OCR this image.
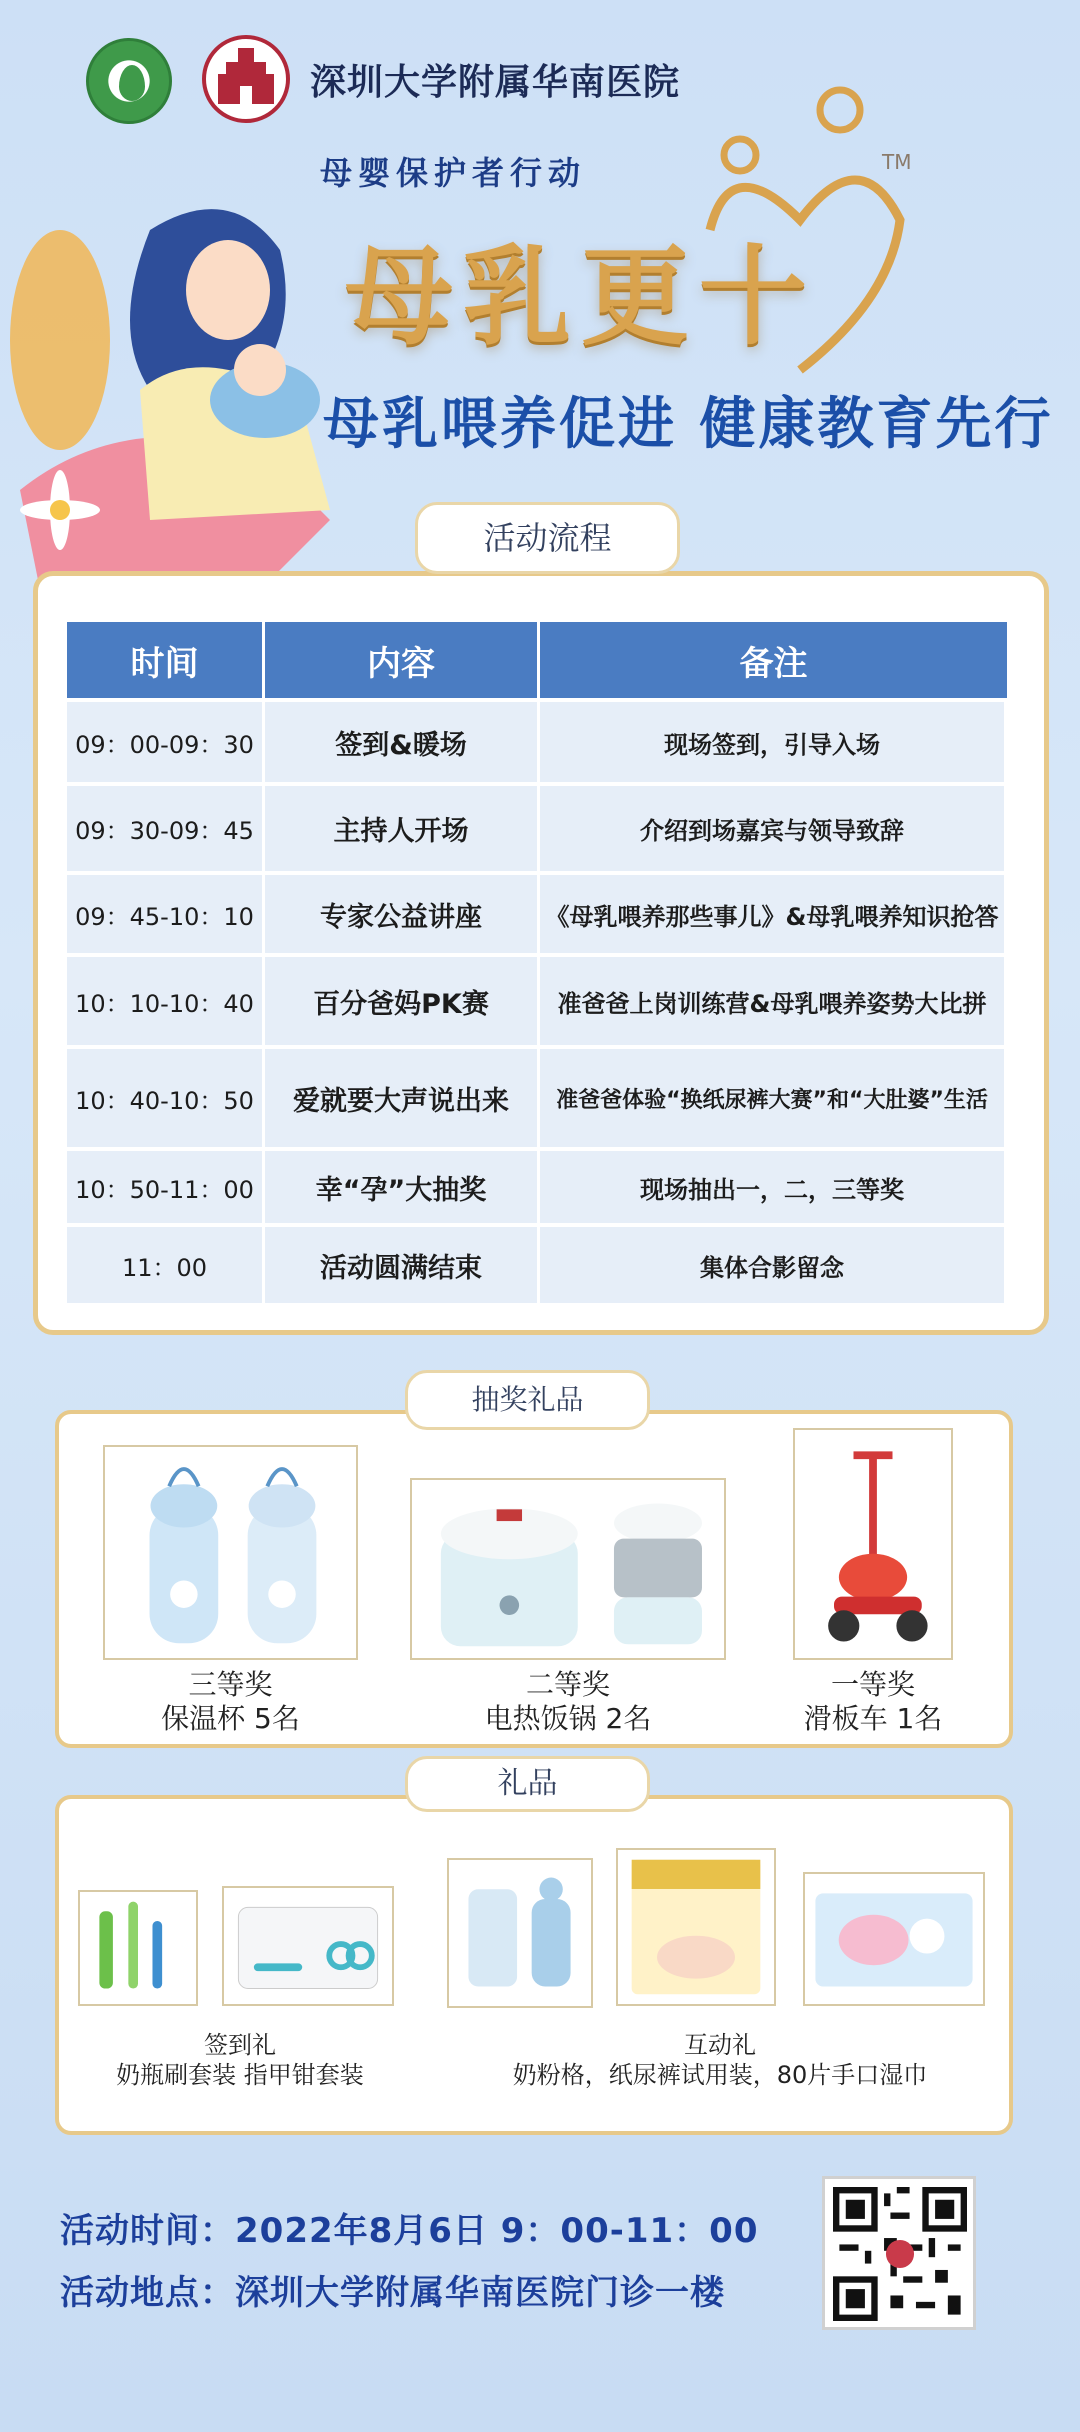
深圳大学附属华南医院
母婴保护者行动
母乳更十
TM
母乳喂养促进 健康教育先行
活动流程
时间	内容	备注
09：00-09：30	签到&暖场	现场签到，引导入场
09：30-09：45	主持人开场	介绍到场嘉宾与领导致辞
09：45-10：10	专家公益讲座	《母乳喂养那些事儿》&母乳喂养知识抢答
10：10-10：40	百分爸妈PK赛	准爸爸上岗训练营&母乳喂养姿势大比拼
10：40-10：50	爱就要大声说出来	准爸爸体验“换纸尿裤大赛”和“大肚婆”生活
10：50-11：00	幸“孕”大抽奖	现场抽出一，二，三等奖
11：00	活动圆满结束	集体合影留念
抽奖礼品
三等奖
保温杯 5名
二等奖
电热饭锅 2名
一等奖
滑板车 1名
礼品
签到礼
奶瓶刷套装 指甲钳套装
互动礼
奶粉格，纸尿裤试用装，80片手口湿巾
活动时间：2022年8月6日 9：00-11：00
活动地点：深圳大学附属华南医院门诊一楼
